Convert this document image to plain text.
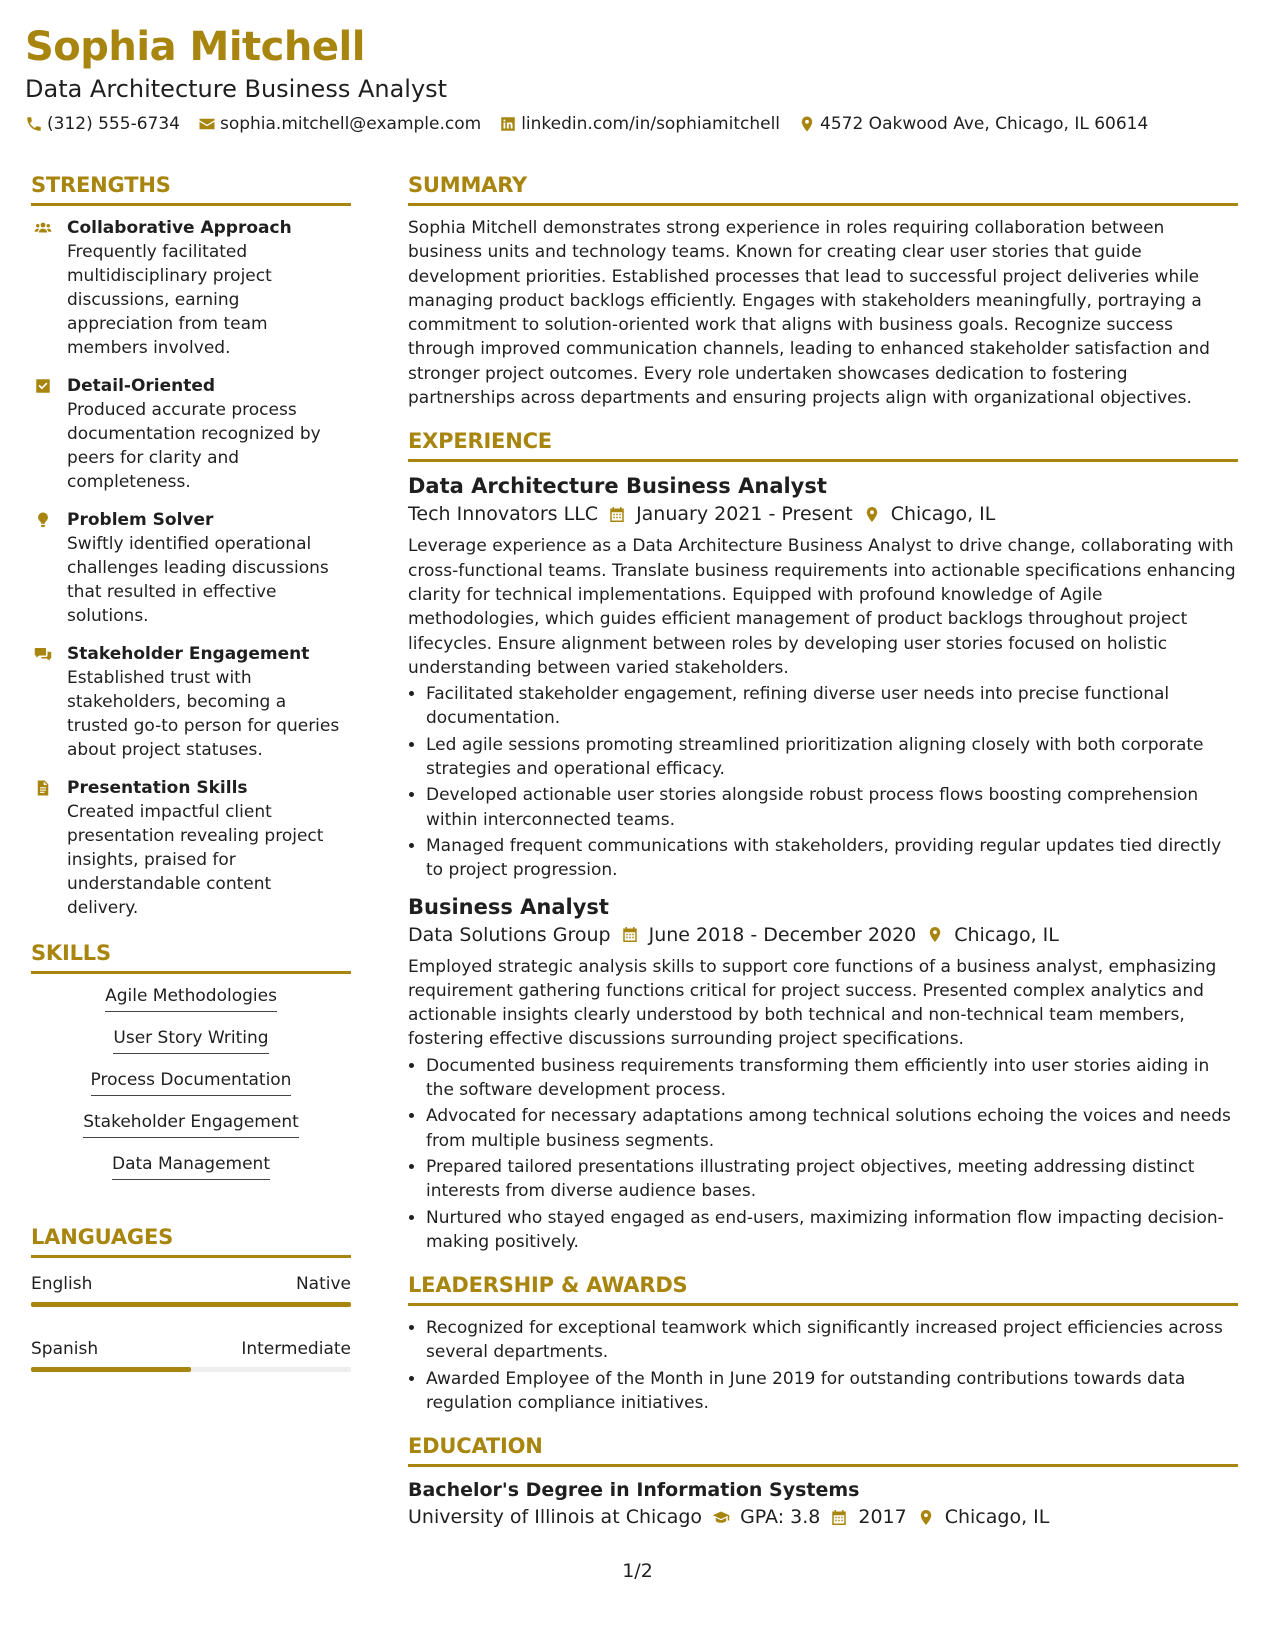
Sophia Mitchell
Data Architecture Business Analyst
(312) 555-6734 sophia.mitchell@example.com linkedin.com/in/sophiamitchell 4572 Oakwood Ave, Chicago, IL 60614
STRENGTHS
Collaborative Approach
Frequently facilitated multidisciplinary project discussions, earning appreciation from team members involved.
Detail-Oriented
Produced accurate process documentation recognized by peers for clarity and completeness.
Problem Solver
Swiftly identified operational challenges leading discussions that resulted in effective solutions.
Stakeholder Engagement
Established trust with stakeholders, becoming a trusted go-to person for queries about project statuses.
Presentation Skills
Created impactful client presentation revealing project insights, praised for understandable content delivery.
SKILLS
Agile Methodologies
User Story Writing
Process Documentation
Stakeholder Engagement
Data Management
LANGUAGES
English	Native
Spanish	Intermediate
SUMMARY
Sophia Mitchell demonstrates strong experience in roles requiring collaboration between business units and technology teams. Known for creating clear user stories that guide development priorities. Established processes that lead to successful project deliveries while managing product backlogs efficiently. Engages with stakeholders meaningfully, portraying a commitment to solution-oriented work that aligns with business goals. Recognize success through improved communication channels, leading to enhanced stakeholder satisfaction and stronger project outcomes. Every role undertaken showcases dedication to fostering partnerships across departments and ensuring projects align with organizational objectives.
EXPERIENCE
Data Architecture Business Analyst
Tech Innovators LLC January 2021 - Present Chicago, IL
Leverage experience as a Data Architecture Business Analyst to drive change, collaborating with cross-functional teams. Translate business requirements into actionable specifications enhancing clarity for technical implementations. Equipped with profound knowledge of Agile methodologies, which guides efficient management of product backlogs throughout project lifecycles. Ensure alignment between roles by developing user stories focused on holistic understanding between varied stakeholders.
• Facilitated stakeholder engagement, refining diverse user needs into precise functional documentation.
• Led agile sessions promoting streamlined prioritization aligning closely with both corporate strategies and operational efficacy.
• Developed actionable user stories alongside robust process flows boosting comprehension within interconnected teams.
• Managed frequent communications with stakeholders, providing regular updates tied directly to project progression.
Business Analyst
Data Solutions Group June 2018 - December 2020 Chicago, IL
Employed strategic analysis skills to support core functions of a business analyst, emphasizing requirement gathering functions critical for project success. Presented complex analytics and actionable insights clearly understood by both technical and non-technical team members, fostering effective discussions surrounding project specifications.
• Documented business requirements transforming them efficiently into user stories aiding in the software development process.
• Advocated for necessary adaptations among technical solutions echoing the voices and needs from multiple business segments.
• Prepared tailored presentations illustrating project objectives, meeting addressing distinct interests from diverse audience bases.
• Nurtured who stayed engaged as end-users, maximizing information flow impacting decision-making positively.
LEADERSHIP & AWARDS
• Recognized for exceptional teamwork which significantly increased project efficiencies across several departments.
• Awarded Employee of the Month in June 2019 for outstanding contributions towards data regulation compliance initiatives.
EDUCATION
Bachelor's Degree in Information Systems
University of Illinois at Chicago GPA: 3.8 2017 Chicago, IL
1/2
